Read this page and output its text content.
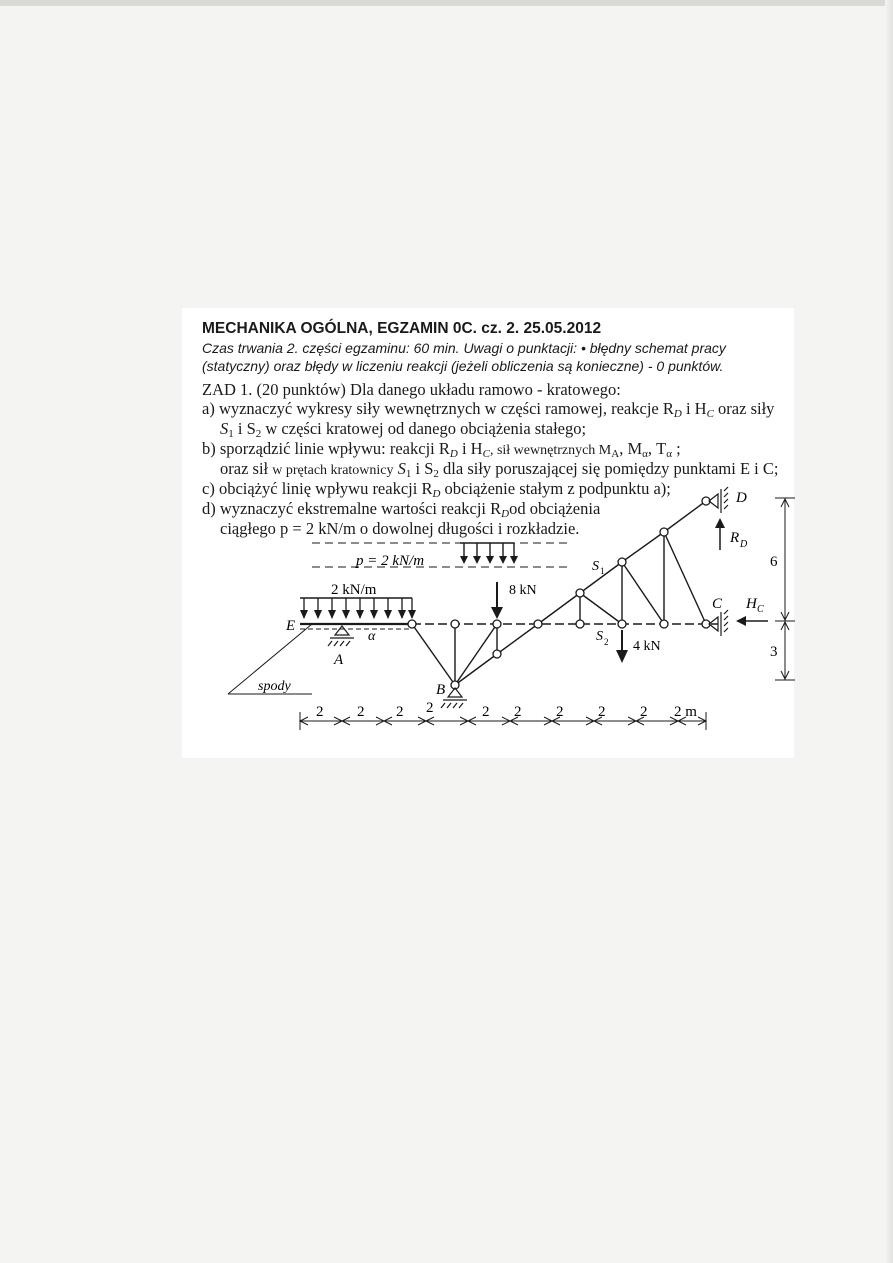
MECHANIKA OGÓLNA, EGZAMIN 0C. cz. 2. 25.05.2012
Czas trwania 2. części egzaminu: 60 min. Uwagi o punktacji: • błędny schemat pracy
(statyczny) oraz błędy w liczeniu reakcji (jeżeli obliczenia są konieczne) - 0 punktów.
ZAD 1. (20 punktów) Dla danego układu ramowo - kratowego:
a) wyznaczyć wykresy siły wewnętrznych w części ramowej, reakcje $R_D$ i $H_C$ oraz siły
$S_1$ i $S_2$ w części kratowej od danego obciążenia stałego;
b) sporządzić linie wpływu: reakcji $R_D$ i $H_C$, sił wewnętrznych $M_A$, $M_\alpha$, $T_\alpha$ ;
oraz sił w prętach kratownicy $S_1$ i $S_2$ dla siły poruszającej się pomiędzy punktami E i C;
c) obciążyć linię wpływu reakcji $R_D$ obciążenie stałym z podpunktu a);
d) wyznaczyć ekstremalne wartości reakcji $R_Dod$ obciążenia
ciągłego p = 2 kN/m o dowolnej długości i rozkładzie.
p = 2 kN/m
2 kN/m	8 kN
4 kN
E
A
α
B
C
D
S 1
S 2
R D
H C
spody
6
3
2 2 2 2	2 2 2 2 2 2 m
